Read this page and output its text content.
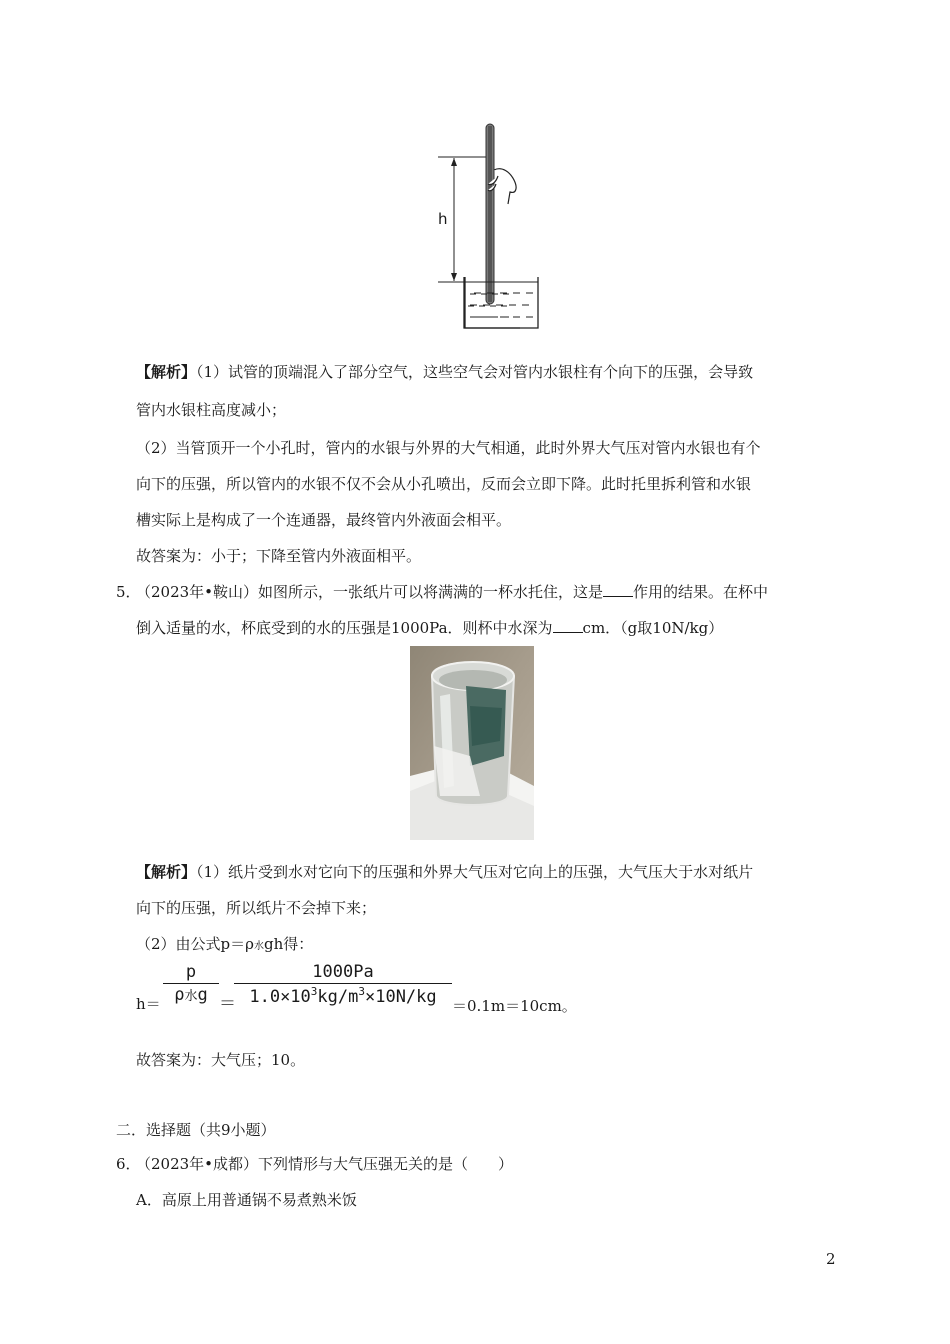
h
【解析】（1）试管的顶端混入了部分空气，这些空气会对管内水银柱有个向下的压强，会导致
管内水银柱高度减小；
（2）当管顶开一个小孔时，管内的水银与外界的大气相通，此时外界大气压对管内水银也有个
向下的压强，所以管内的水银不仅不会从小孔喷出，反而会立即下降。此时托里拆利管和水银
槽实际上是构成了一个连通器，最终管内外液面会相平。
故答案为：小于；下降至管内外液面相平。
5．
（2023年•鞍山）如图所示，一张纸片可以将满满的一杯水托住，这是 作用的结果。在杯中
倒入适量的水，杯底受到的水的压强是1000Pa．则杯中水深为 cm．（g取10N/kg）
【解析】（1）纸片受到水对它向下的压强和外界大气压对它向上的压强，大气压大于水对纸片
向下的压强，所以纸片不会掉下来；
（2）由公式p＝ρ水gh得：
h＝
p
ρ水g ＝
$\frac{1000Pa}{1.0\times 10^3kg/m^3\times 10N/kg} =0.1m=10cm$。
故答案为：大气压；10。
二．选择题（共9小题）
6．
（2023年•成都）下列情形与大气压强无关的是（　　）
A．高原上用普通锅不易煮熟米饭
2
